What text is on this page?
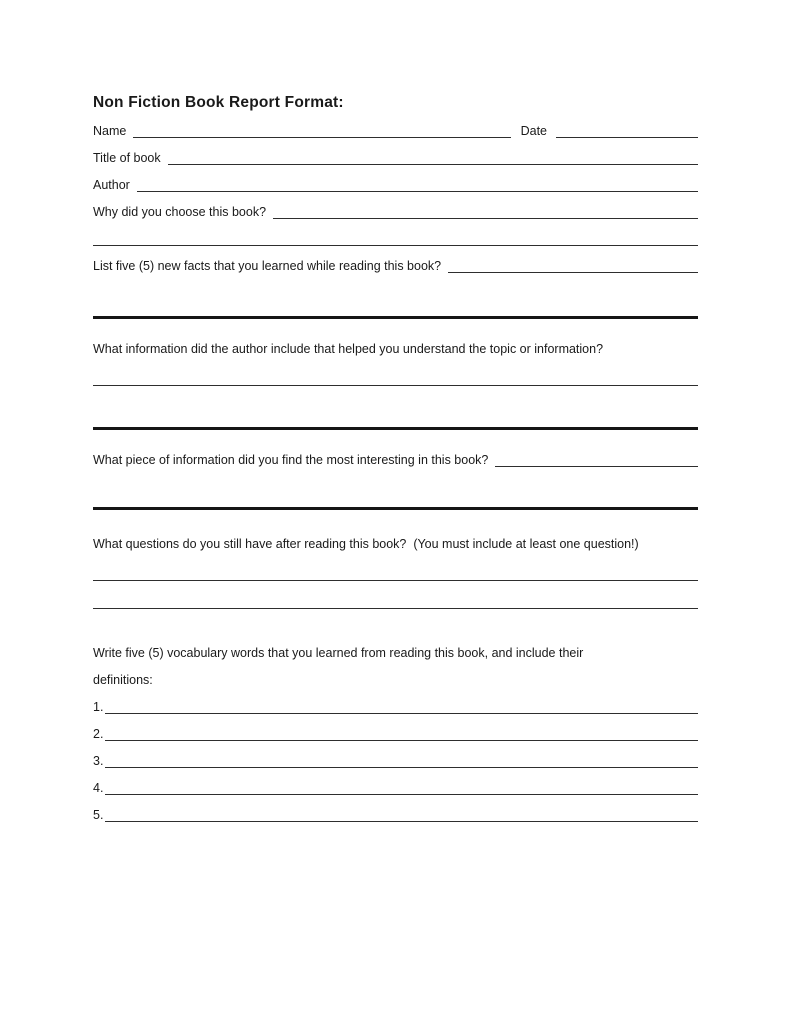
Non Fiction Book Report Format:
Name	Date
Title of book
Author
Why did you choose this book?
List five (5) new facts that you learned while reading this book?
What information did the author include that helped you understand the topic or information?
What piece of information did you find the most interesting in this book?
What questions do you still have after reading this book?  (You must include at least one question!)
Write five (5) vocabulary words that you learned from reading this book, and include their
definitions:
1.
2.
3.
4.
5.
